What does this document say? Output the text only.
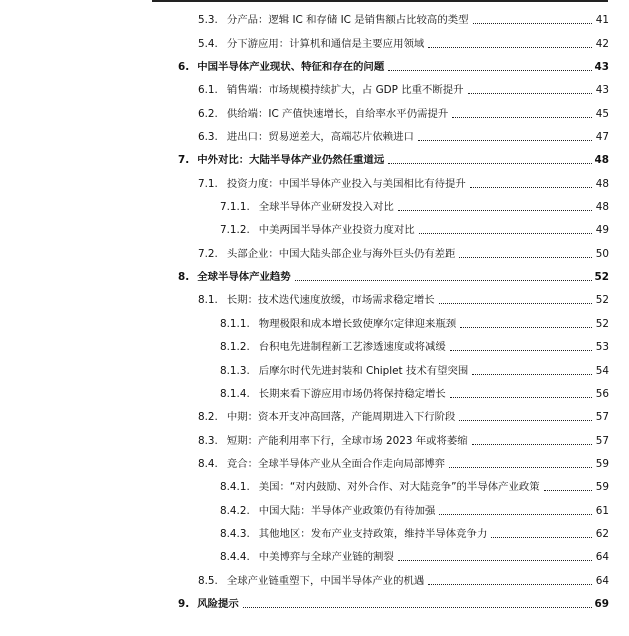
5.3. 分产品：逻辑 IC 和存储 IC 是销售额占比较高的类型	41
5.4. 分下游应用：计算机和通信是主要应用领域	42
6. 中国半导体产业现状、特征和存在的问题	43
6.1. 销售端：市场规模持续扩大，占 GDP 比重不断提升	43
6.2. 供给端：IC 产值快速增长，自给率水平仍需提升	45
6.3. 进出口：贸易逆差大，高端芯片依赖进口	47
7. 中外对比：大陆半导体产业仍然任重道远	48
7.1. 投资力度：中国半导体产业投入与美国相比有待提升	48
7.1.1. 全球半导体产业研发投入对比	48
7.1.2. 中美两国半导体产业投资力度对比	49
7.2. 头部企业：中国大陆头部企业与海外巨头仍有差距	50
8. 全球半导体产业趋势	52
8.1. 长期：技术迭代速度放缓，市场需求稳定增长	52
8.1.1. 物理极限和成本增长致使摩尔定律迎来瓶颈	52
8.1.2. 台积电先进制程新工艺渗透速度或将减缓	53
8.1.3. 后摩尔时代先进封装和 Chiplet 技术有望突围	54
8.1.4. 长期来看下游应用市场仍将保持稳定增长	56
8.2. 中期：资本开支冲高回落，产能周期进入下行阶段	57
8.3. 短期：产能利用率下行，全球市场 2023 年或将萎缩	57
8.4. 竞合：全球半导体产业从全面合作走向局部博弈	59
8.4.1. 美国：“对内鼓励、对外合作、对大陆竞争”的半导体产业政策	59
8.4.2. 中国大陆：半导体产业政策仍有待加强	61
8.4.3. 其他地区：发布产业支持政策，维持半导体竞争力	62
8.4.4. 中美博弈与全球产业链的割裂	64
8.5. 全球产业链重塑下，中国半导体产业的机遇	64
9. 风险提示	69
